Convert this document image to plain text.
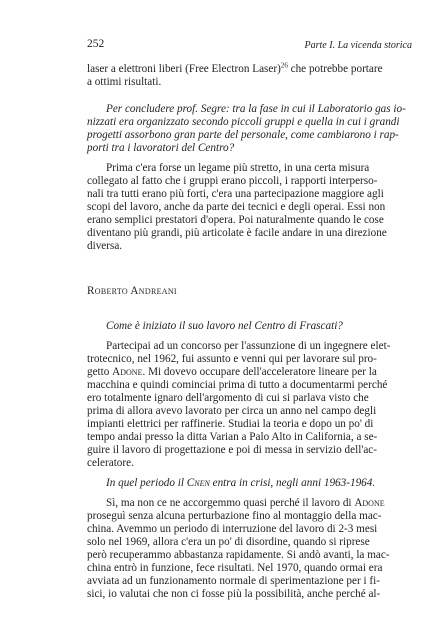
252	Parte I. La vicenda storica
laser a elettroni liberi (Free Electron Laser)$^{26}$ che potrebbe portare
a ottimi risultati.
Per concludere prof. Segre: tra la fase in cui il Laboratorio gas io-
nizzati era organizzato secondo piccoli gruppi e quella in cui i grandi
progetti assorbono gran parte del personale, come cambiarono i rap-
porti tra i lavoratori del Centro?
Prima c'era forse un legame più stretto, in una certa misura
collegato al fatto che i gruppi erano piccoli, i rapporti interperso-
nali tra tutti erano più forti, c'era una partecipazione maggiore agli
scopi del lavoro, anche da parte dei tecnici e degli operai. Essi non
erano semplici prestatori d'opera. Poi naturalmente quando le cose
diventano più grandi, più articolate è facile andare in una direzione
diversa.
Roberto Andreani
Come è iniziato il suo lavoro nel Centro di Frascati?
Partecipai ad un concorso per l'assunzione di un ingegnere elet-
trotecnico, nel 1962, fui assunto e venni qui per lavorare sul pro-
getto Adone. Mi dovevo occupare dell'acceleratore lineare per la
macchina e quindi cominciai prima di tutto a documentarmi perché
ero totalmente ignaro dell'argomento di cui si parlava visto che
prima di allora avevo lavorato per circa un anno nel campo degli
impianti elettrici per raffinerie. Studiai la teoria e dopo un po' di
tempo andai presso la ditta Varian a Palo Alto in California, a se-
guire il lavoro di progettazione e poi di messa in servizio dell'ac-
celeratore.
In quel periodo il Cnen entra in crisi, negli anni 1963-1964.
Sì, ma non ce ne accorgemmo quasi perché il lavoro di Adone
proseguì senza alcuna perturbazione fino al montaggio della mac-
china. Avemmo un periodo di interruzione del lavoro di 2-3 mesi
solo nel 1969, allora c'era un po' di disordine, quando si riprese
però recuperammo abbastanza rapidamente. Si andò avanti, la mac-
china entrò in funzione, fece risultati. Nel 1970, quando ormai era
avviata ad un funzionamento normale di sperimentazione per i fi-
sici, io valutai che non ci fosse più la possibilità, anche perché al-
